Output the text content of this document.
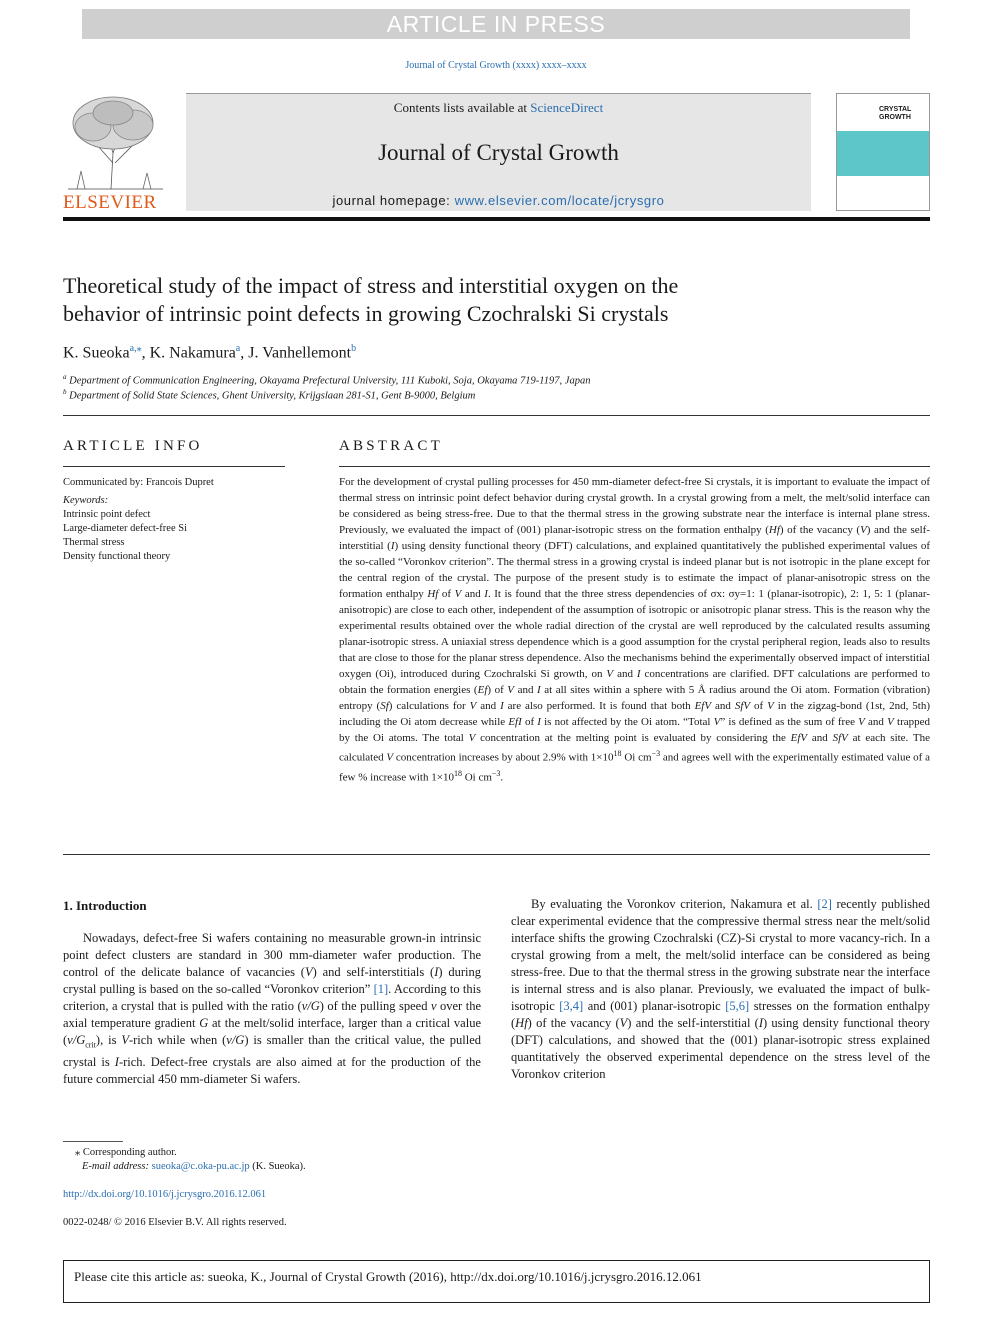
ARTICLE IN PRESS
Journal of Crystal Growth (xxxx) xxxx–xxxx
ELSEVIER
Contents lists available at ScienceDirect
Journal of Crystal Growth
journal homepage: www.elsevier.com/locate/jcrysgro
CRYSTAL
GROWTH
Theoretical study of the impact of stress and interstitial oxygen on the
behavior of intrinsic point defects in growing Czochralski Si crystals
K. Sueoka$^{a,⁎}$, K. Nakamura$^a$, J. Vanhellemont$^b$
$^a$ Department of Communication Engineering, Okayama Prefectural University, 111 Kuboki, Soja, Okayama 719-1197, Japan
$^b$ Department of Solid State Sciences, Ghent University, Krijgslaan 281-S1, Gent B-9000, Belgium
ARTICLE INFO
Communicated by: Francois Dupret
Keywords:
Intrinsic point defect
Large-diameter defect-free Si
Thermal stress
Density functional theory
ABSTRACT
For the development of crystal pulling processes for 450 mm-diameter defect-free Si crystals, it is important to evaluate the impact of thermal stress on intrinsic point defect behavior during crystal growth. In a crystal growing from a melt, the melt/solid interface can be considered as being stress-free. Due to that the thermal stress in the growing substrate near the interface is internal plane stress. Previously, we evaluated the impact of (001) planar-isotropic stress on the formation enthalpy (Hf) of the vacancy (V) and the self-interstitial (I) using density functional theory (DFT) calculations, and explained quantitatively the published experimental values of the so-called “Voronkov criterion”. The thermal stress in a growing crystal is indeed planar but is not isotropic in the plane except for the central region of the crystal. The purpose of the present study is to estimate the impact of planar-anisotropic stress on the formation enthalpy Hf of V and I. It is found that the three stress dependencies of σx: σy=1: 1 (planar-isotropic), 2: 1, 5: 1 (planar-anisotropic) are close to each other, independent of the assumption of isotropic or anisotropic planar stress. This is the reason why the experimental results obtained over the whole radial direction of the crystal are well reproduced by the calculated results assuming planar-isotropic stress. A uniaxial stress dependence which is a good assumption for the crystal peripheral region, leads also to results that are close to those for the planar stress dependence. Also the mechanisms behind the experimentally observed impact of interstitial oxygen (Oi), introduced during Czochralski Si growth, on V and I concentrations are clarified. DFT calculations are performed to obtain the formation energies (Ef) of V and I at all sites within a sphere with 5 Å radius around the Oi atom. Formation (vibration) entropy (Sf) calculations for V and I are also performed. It is found that both EfV and SfV of V in the zigzag-bond (1st, 2nd, 5th) including the Oi atom decrease while EfI of I is not affected by the Oi atom. “Total V” is defined as the sum of free V and V trapped by the Oi atoms. The total V concentration at the melting point is evaluated by considering the EfV and SfV at each site. The calculated V concentration increases by about 2.9% with $1\times 10^{18}$ Oi $cm^{-3}$ and agrees well with the experimentally estimated value of a few % increase with $1\times 10^{18}$ Oi $cm^{-3}$.
1. Introduction
Nowadays, defect-free Si wafers containing no measurable grown-in intrinsic point defect clusters are standard in 300 mm-diameter wafer production. The control of the delicate balance of vacancies (V) and self-interstitials (I) during crystal pulling is based on the so-called “Voronkov criterion” [1]. According to this criterion, a crystal that is pulled with the ratio (v/G) of the pulling speed v over the axial temperature gradient G at the melt/solid interface, larger than a critical value $(v/G_{crit})$, is V-rich while when (v/G) is smaller than the critical value, the pulled crystal is I-rich. Defect-free crystals are also aimed at for the production of the future commercial 450 mm-diameter Si wafers.
By evaluating the Voronkov criterion, Nakamura et al. [2] recently published clear experimental evidence that the compressive thermal stress near the melt/solid interface shifts the growing Czochralski (CZ)-Si crystal to more vacancy-rich. In a crystal growing from a melt, the melt/solid interface can be considered as being stress-free. Due to that the thermal stress in the growing substrate near the interface is internal stress and is also planar. Previously, we evaluated the impact of bulk-isotropic [3,4] and (001) planar-isotropic [5,6] stresses on the formation enthalpy (Hf) of the vacancy (V) and the self-interstitial (I) using density functional theory (DFT) calculations, and showed that the (001) planar-isotropic stress explained quantitatively the observed experimental dependence on the stress level of the Voronkov criterion
⁎ Corresponding author.
E-mail address: sueoka@c.oka-pu.ac.jp (K. Sueoka).
http://dx.doi.org/10.1016/j.jcrysgro.2016.12.061
0022-0248/ © 2016 Elsevier B.V. All rights reserved.
Please cite this article as: sueoka, K., Journal of Crystal Growth (2016), http://dx.doi.org/10.1016/j.jcrysgro.2016.12.061
